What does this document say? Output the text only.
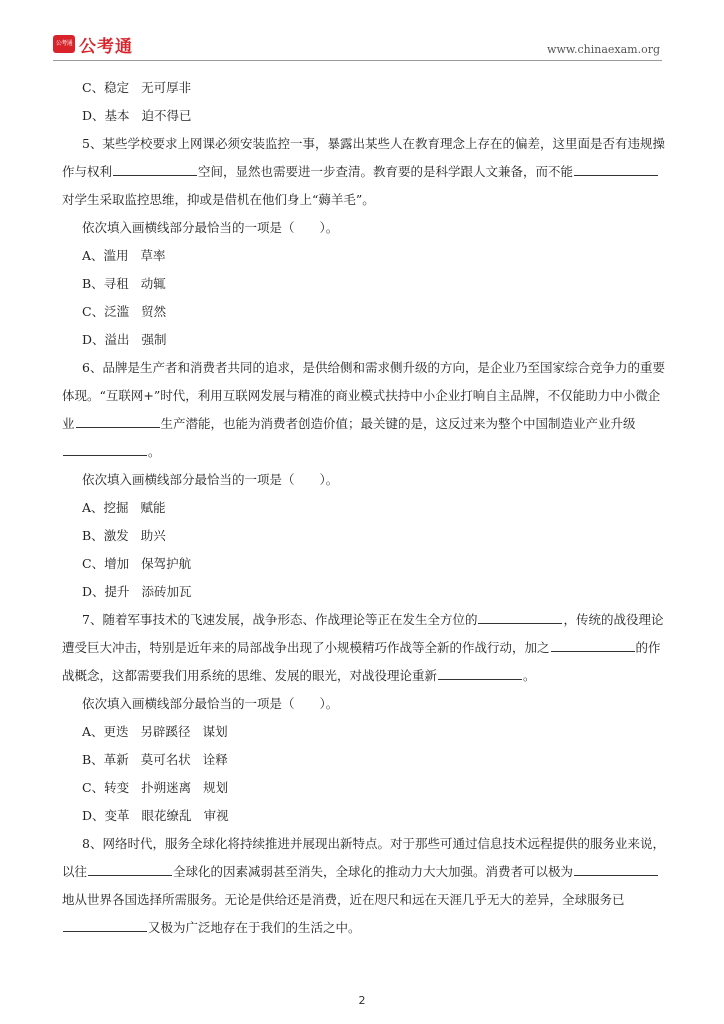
公考通 公考通	www.chinaexam.org
C、稳定 无可厚非
D、基本 迫不得已
5、某些学校要求上网课必须安装监控一事，暴露出某些人在教育理念上存在的偏差，这里面是否有违规操
作与权利	空间，显然也需要进一步查清。教育要的是科学跟人文兼备，而不能
对学生采取监控思维，抑或是借机在他们身上“薅羊毛”。
依次填入画横线部分最恰当的一项是（　　）。
A、滥用 草率
B、寻租 动辄
C、泛滥 贸然
D、溢出 强制
6、品牌是生产者和消费者共同的追求，是供给侧和需求侧升级的方向，是企业乃至国家综合竞争力的重要
体现。“互联网+”时代，利用互联网发展与精准的商业模式扶持中小企业打响自主品牌，不仅能助力中小微企
业	生产潜能，也能为消费者创造价值；最关键的是，这反过来为整个中国制造业产业升级
。
依次填入画横线部分最恰当的一项是（　　）。
A、挖掘 赋能
B、激发 助兴
C、增加 保驾护航
D、提升 添砖加瓦
7、随着军事技术的飞速发展，战争形态、作战理论等正在发生全方位的	，传统的战役理论
遭受巨大冲击，特别是近年来的局部战争出现了小规模精巧作战等全新的作战行动，加之	的作
战概念，这都需要我们用系统的思维、发展的眼光，对战役理论重新	。
依次填入画横线部分最恰当的一项是（　　）。
A、更迭 另辟蹊径 谋划
B、革新 莫可名状 诠释
C、转变 扑朔迷离 规划
D、变革 眼花缭乱 审视
8、网络时代，服务全球化将持续推进并展现出新特点。对于那些可通过信息技术远程提供的服务业来说，
以往	全球化的因素减弱甚至消失，全球化的推动力大大加强。消费者可以极为
地从世界各国选择所需服务。无论是供给还是消费，近在咫尺和远在天涯几乎无大的差异，全球服务已
又极为广泛地存在于我们的生活之中。
2
